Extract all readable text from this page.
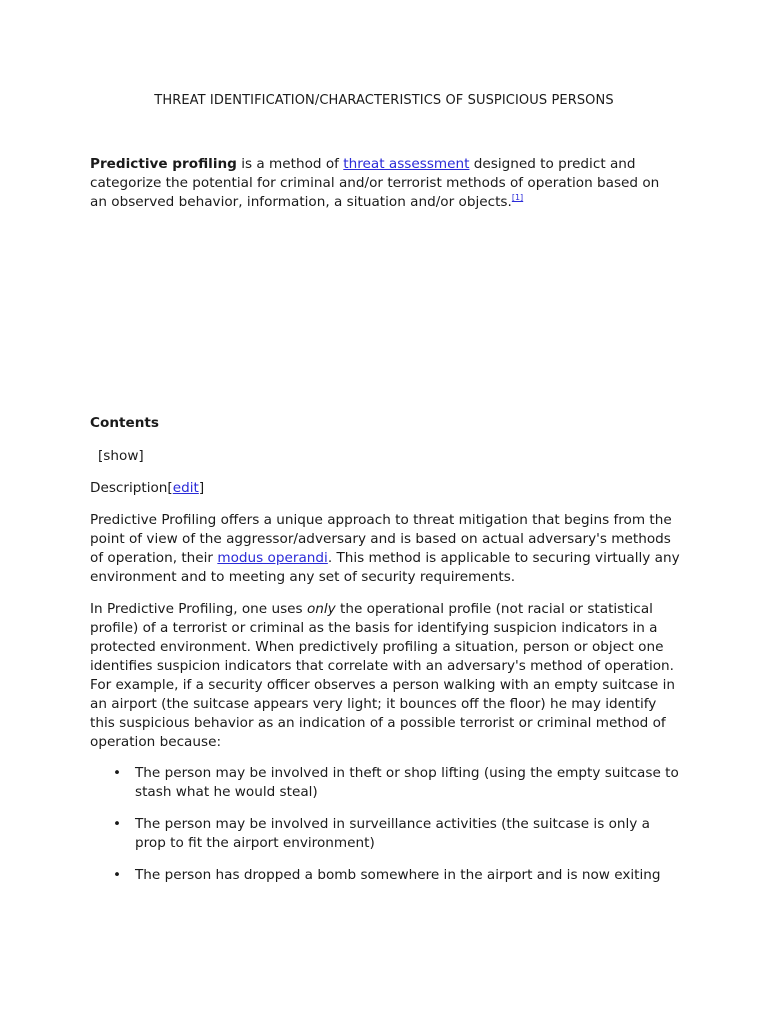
THREAT IDENTIFICATION/CHARACTERISTICS OF SUSPICIOUS PERSONS

Predictive profiling is a method of threat assessment designed to predict and categorize the potential for criminal and/or terrorist methods of operation based on an observed behavior, information, a situation and/or objects.[1]

Contents
[show]
Description[edit]

Predictive Profiling offers a unique approach to threat mitigation that begins from the point of view of the aggressor/adversary and is based on actual adversary's methods of operation, their modus operandi. This method is applicable to securing virtually any environment and to meeting any set of security requirements.

In Predictive Profiling, one uses only the operational profile (not racial or statistical profile) of a terrorist or criminal as the basis for identifying suspicion indicators in a protected environment. When predictively profiling a situation, person or object one identifies suspicion indicators that correlate with an adversary's method of operation. For example, if a security officer observes a person walking with an empty suitcase in an airport (the suitcase appears very light; it bounces off the floor) he may identify this suspicious behavior as an indication of a possible terrorist or criminal method of operation because:

• The person may be involved in theft or shop lifting (using the empty suitcase to stash what he would steal)
• The person may be involved in surveillance activities (the suitcase is only a prop to fit the airport environment)
• The person has dropped a bomb somewhere in the airport and is now exiting
